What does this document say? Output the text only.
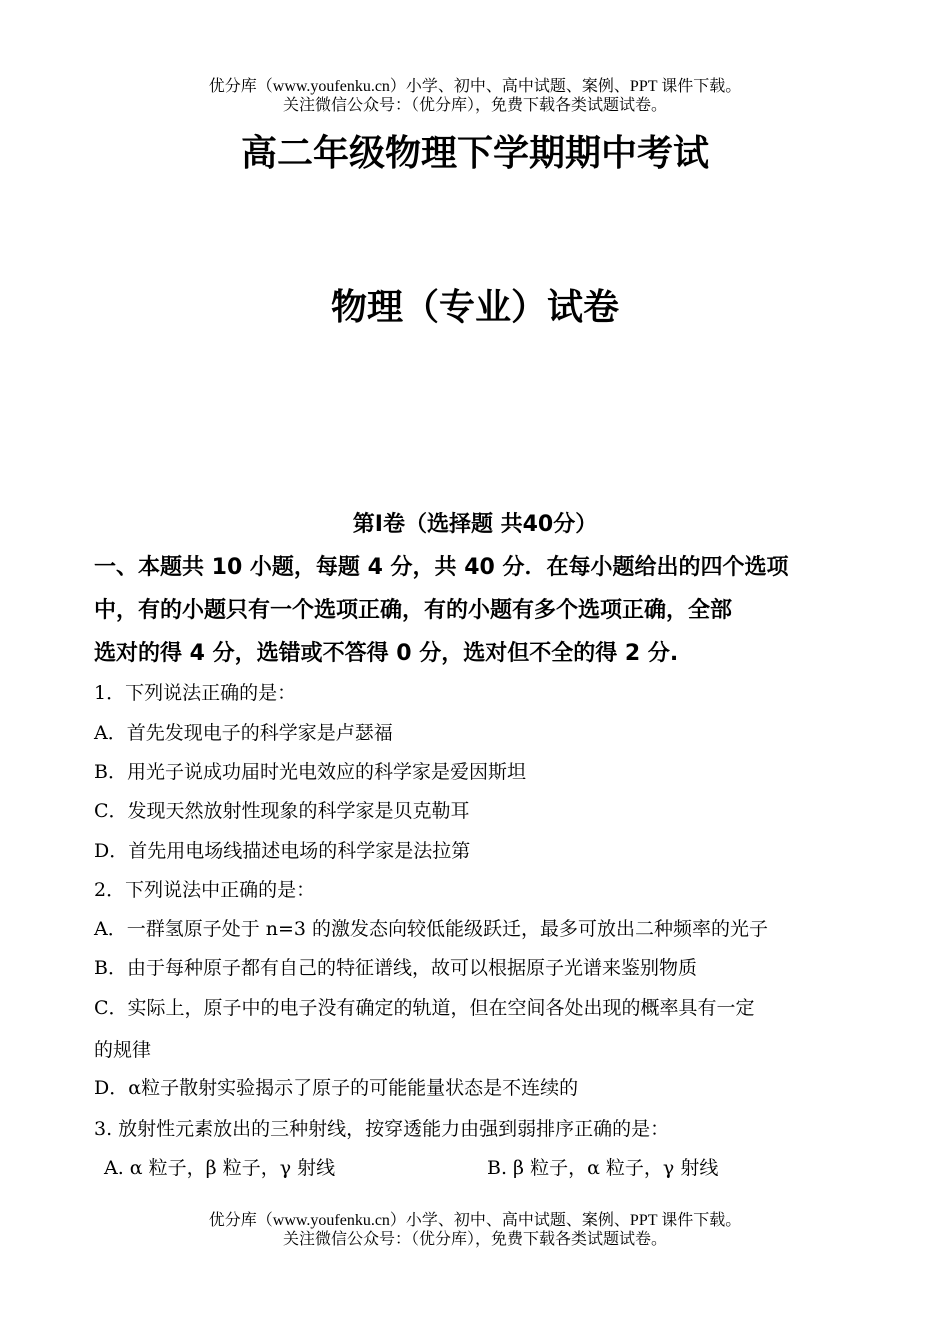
优分库（www.youfenku.cn）小学、初中、高中试题、案例、PPT 课件下载。
关注微信公众号：（优分库），免费下载各类试题试卷。
高二年级物理下学期期中考试
物理（专业）试卷
第Ⅰ卷（选择题 共40分）
一、本题共 10 小题，每题 4 分，共 40 分．在每小题给出的四个选项
中，有的小题只有一个选项正确，有的小题有多个选项正确，全部
选对的得 4 分，选错或不答得 0 分，选对但不全的得 2 分.
1．下列说法正确的是：
A．首先发现电子的科学家是卢瑟福
B．用光子说成功届时光电效应的科学家是爱因斯坦
C．发现天然放射性现象的科学家是贝克勒耳
D．首先用电场线描述电场的科学家是法拉第
2．下列说法中正确的是：
A．一群氢原子处于 n=3 的激发态向较低能级跃迁，最多可放出二种频率的光子
B．由于每种原子都有自己的特征谱线，故可以根据原子光谱来鉴别物质
C．实际上，原子中的电子没有确定的轨道，但在空间各处出现的概率具有一定
的规律
D．α粒子散射实验揭示了原子的可能能量状态是不连续的
3. 放射性元素放出的三种射线，按穿透能力由强到弱排序正确的是：
A. α 粒子，β 粒子，γ 射线	B. β 粒子，α 粒子，γ 射线
优分库（www.youfenku.cn）小学、初中、高中试题、案例、PPT 课件下载。
关注微信公众号：（优分库），免费下载各类试题试卷。
